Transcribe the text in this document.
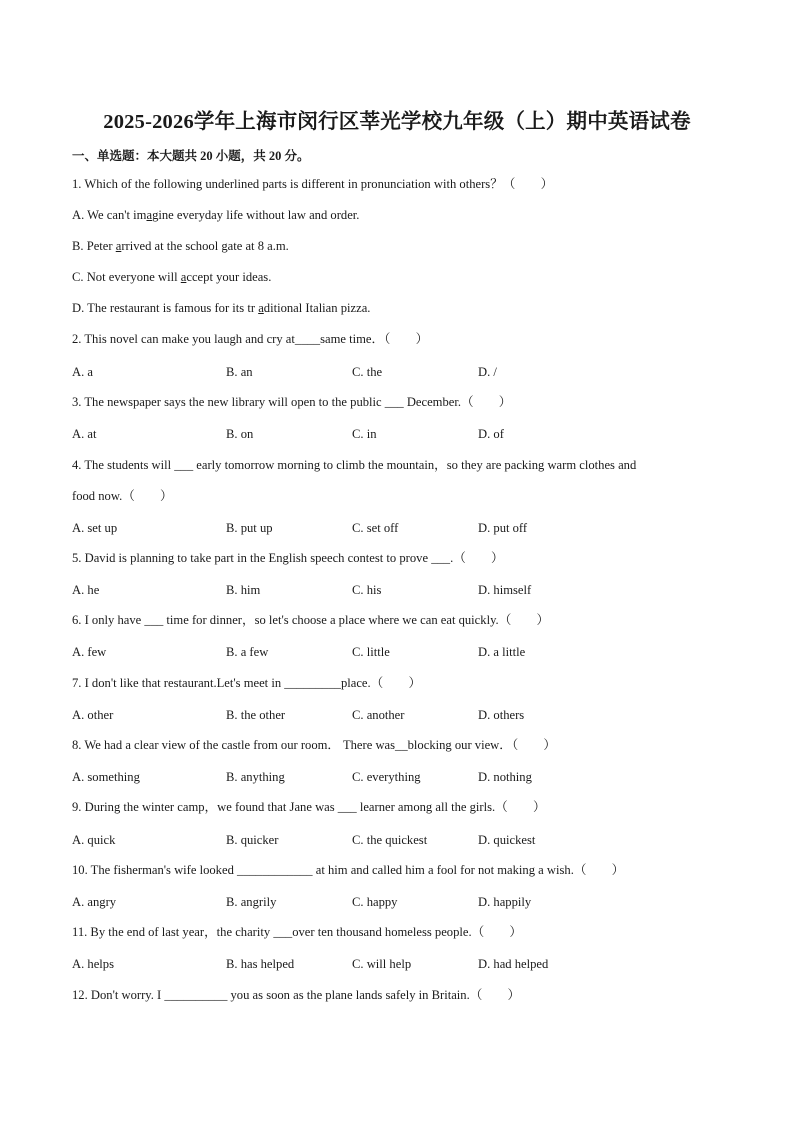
2025-2026学年上海市闵行区莘光学校九年级（上）期中英语试卷
一、单选题：本大题共 20 小题，共 20 分。
1. Which of the following underlined parts is different in pronunciation with others？（　　）
A. We can't imagine everyday life without law and order.
B. Peter arrived at the school gate at 8 a.m.
C. Not everyone will accept your ideas.
D. The restaurant is famous for its tr aditional Italian pizza.
2. This novel can make you laugh and cry at____same time．（　　）
A. a	B. an	C. the	D. /
3. The newspaper says the new library will open to the public ___ December.（　　）
A. at	B. on	C. in	D. of
4. The students will ___ early tomorrow morning to climb the mountain，so they are packing warm clothes and
food now.（　　）
A. set up	B. put up	C. set off	D. put off
5. David is planning to take part in the English speech contest to prove ___.（　　）
A. he	B. him	C. his	D. himself
6. I only have ___ time for dinner，so let's choose a place where we can eat quickly.（　　）
A. few	B. a few	C. little	D. a little
7. I don't like that restaurant.Let's meet in _________place.（　　）
A. other	B. the other	C. another	D. others
8. We had a clear view of the castle from our room． There was__blocking our view．（　　）
A. something	B. anything	C. everything	D. nothing
9. During the winter camp，we found that Jane was ___ learner among all the girls.（　　）
A. quick	B. quicker	C. the quickest	D. quickest
10. The fisherman's wife looked ____________ at him and called him a fool for not making a wish.（　　）
A. angry	B. angrily	C. happy	D. happily
11. By the end of last year，the charity ___over ten thousand homeless people.（　　）
A. helps	B. has helped	C. will help	D. had helped
12. Don't worry. I __________ you as soon as the plane lands safely in Britain.（　　）
